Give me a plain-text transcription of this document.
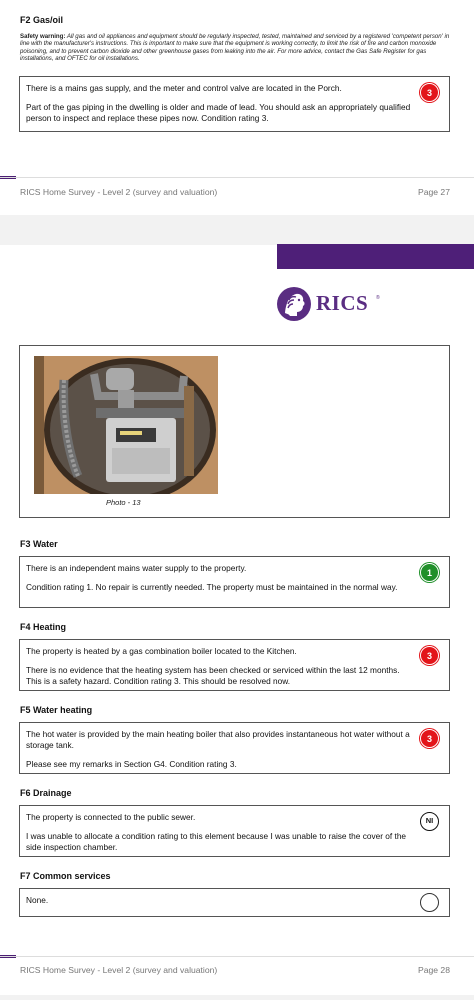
F2 Gas/oil
Safety warning: All gas and oil appliances and equipment should be regularly inspected, tested, maintained and serviced by a registered 'competent person' in line with the manufacturer's instructions. This is important to make sure that the equipment is working correctly, to limit the risk of fire and carbon monoxide poisoning, and to prevent carbon dioxide and other greenhouse gases from leaking into the air. For more advice, contact the Gas Safe Register for gas installations, and OFTEC for oil installations.

There is a mains gas supply, and the meter and control valve are located in the Porch.

Part of the gas piping in the dwelling is older and made of lead. You should ask an appropriately qualified person to inspect and replace these pipes now. Condition rating 3.

3
RICS Home Survey - Level 2 (survey and valuation)	Page 27
RICS ®
Photo - 13
F3 Water

There is an independent mains water supply to the property.

Condition rating 1. No repair is currently needed. The property must be maintained in the normal way.

1
F4 Heating

The property is heated by a gas combination boiler located to the Kitchen.

There is no evidence that the heating system has been checked or serviced within the last 12 months. This is a safety hazard. Condition rating 3. This should be resolved now.

3
F5 Water heating

The hot water is provided by the main heating boiler that also provides instantaneous hot water without a storage tank.

Please see my remarks in Section G4. Condition rating 3.

3
F6 Drainage

The property is connected to the public sewer.

I was unable to allocate a condition rating to this element because I was unable to raise the cover of the side inspection chamber.

NI
F7 Common services

None.

RICS Home Survey - Level 2 (survey and valuation)	Page 28
